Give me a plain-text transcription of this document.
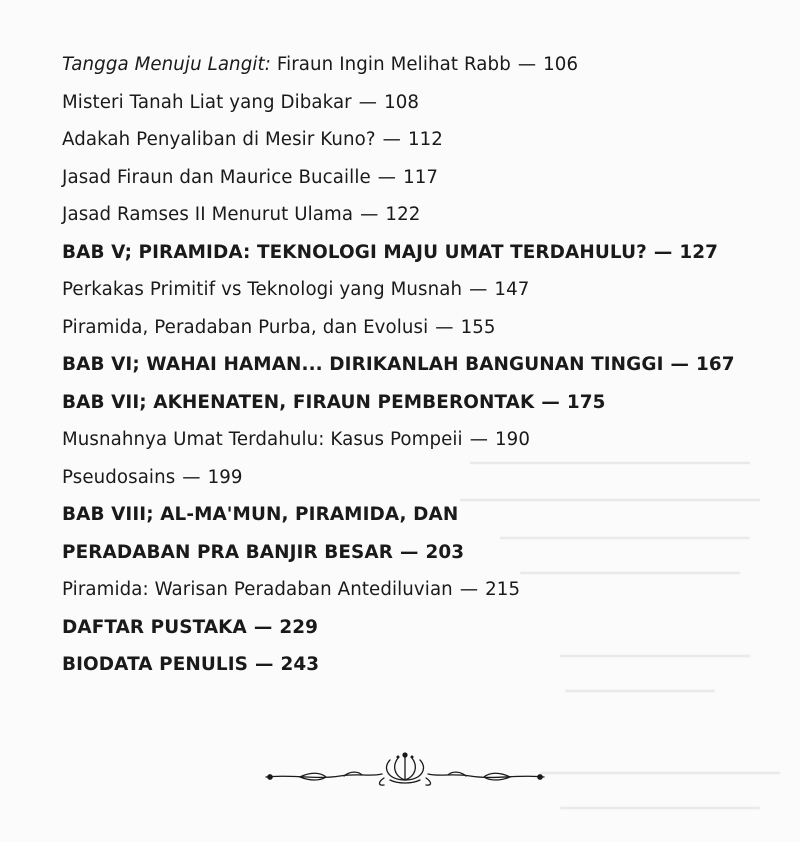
Tangga Menuju Langit: Firaun Ingin Melihat Rabb — 106
Misteri Tanah Liat yang Dibakar — 108
Adakah Penyaliban di Mesir Kuno? — 112
Jasad Firaun dan Maurice Bucaille — 117
Jasad Ramses II Menurut Ulama — 122
BAB V; PIRAMIDA: TEKNOLOGI MAJU UMAT TERDAHULU? — 127
Perkakas Primitif vs Teknologi yang Musnah — 147
Piramida, Peradaban Purba, dan Evolusi — 155
BAB VI; WAHAI HAMAN... DIRIKANLAH BANGUNAN TINGGI — 167
BAB VII; AKHENATEN, FIRAUN PEMBERONTAK — 175
Musnahnya Umat Terdahulu: Kasus Pompeii — 190
Pseudosains — 199
BAB VIII; AL-MA'MUN, PIRAMIDA, DAN
PERADABAN PRA BANJIR BESAR — 203
Piramida: Warisan Peradaban Antediluvian — 215
DAFTAR PUSTAKA — 229
BIODATA PENULIS — 243
